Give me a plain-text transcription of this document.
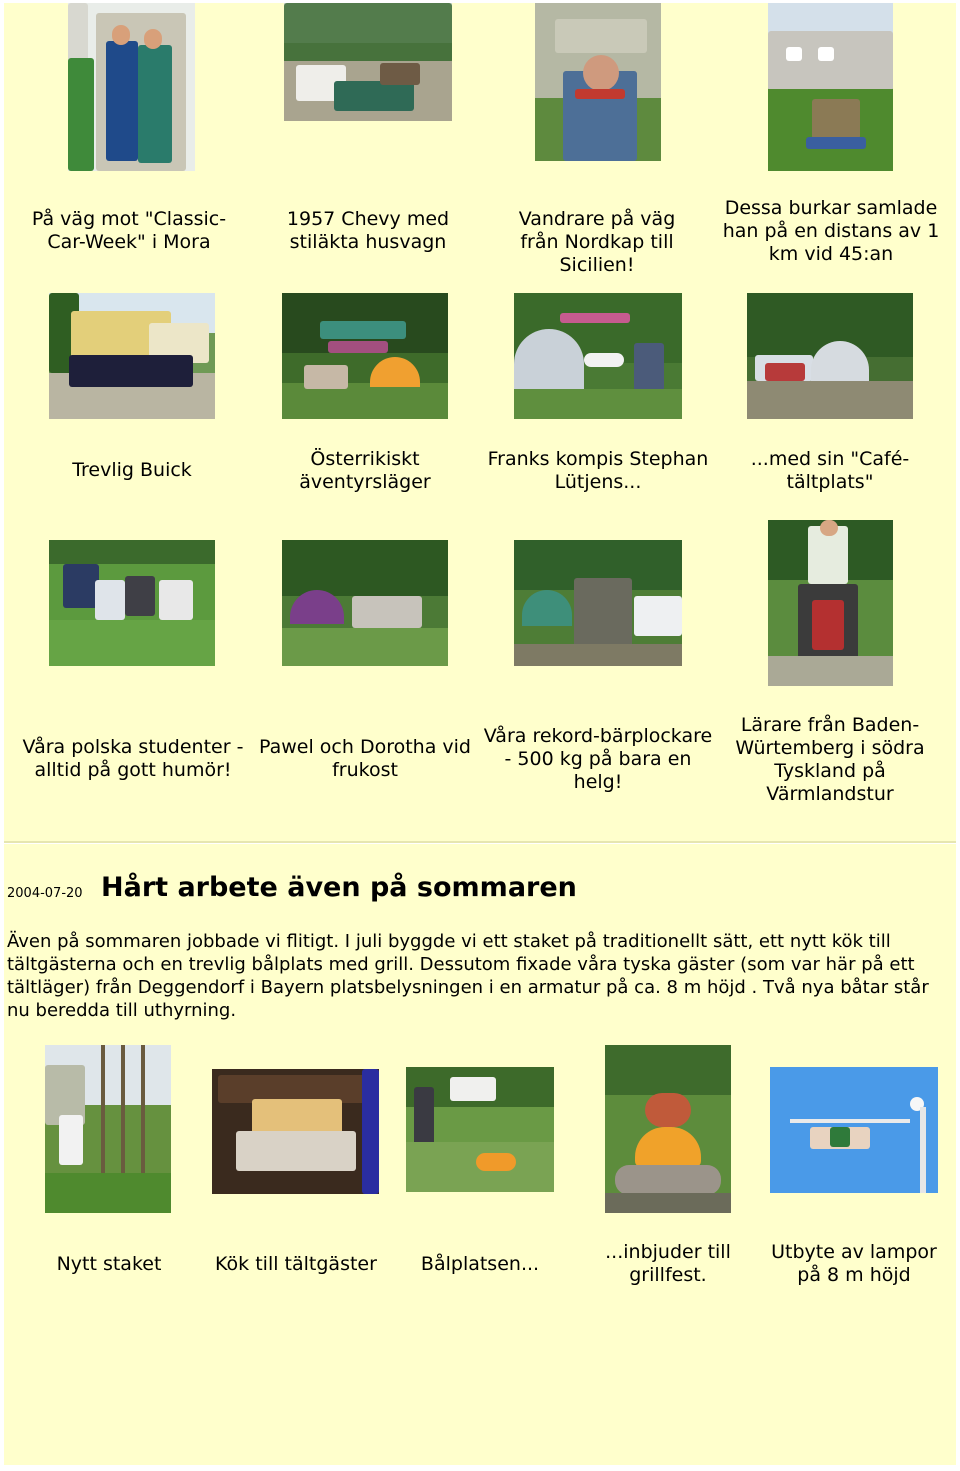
På väg mot "Classic-Car-Week" i Mora
1957 Chevy med stiläkta husvagn
Vandrare på väg från Nordkap till Sicilien!
Dessa burkar samlade han på en distans av 1 km vid 45:an
Trevlig Buick	Österrikiskt äventyrsläger
Franks kompis Stephan Lütjens...
...med sin "Café-tältplats"
Våra polska studenter - alltid på gott humör!
Pawel och Dorotha vid frukost
Våra rekord-bärplockare - 500 kg på bara en helg!
Lärare från Baden-Würtemberg i södra Tyskland på Värmlandstur
2004-07-20 Hårt arbete även på sommaren

Även på sommaren jobbade vi flitigt. I juli byggde vi ett staket på traditionellt sätt, ett nytt kök till tältgästerna och en trevlig bålplats med grill. Dessutom fixade våra tyska gäster (som var här på ett tältläger) från Deggendorf i Bayern platsbelysningen i en armatur på ca. 8 m höjd . Två nya båtar står nu beredda till uthyrning.

Nytt staket	Kök till tältgäster	Bålplatsen...
...inbjuder till grillfest.
Utbyte av lampor på 8 m höjd
